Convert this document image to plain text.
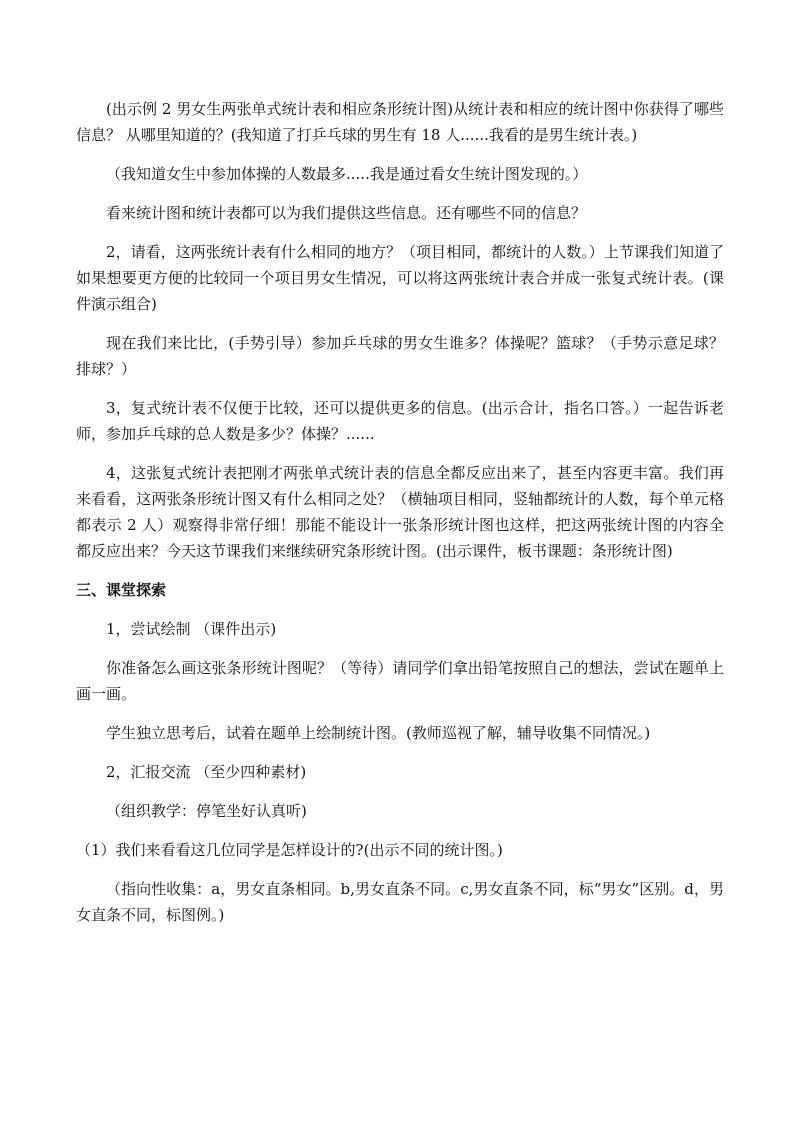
(出示例 2 男女生两张单式统计表和相应条形统计图)从统计表和相应的统计图中你获得了哪些信息？ 从哪里知道的？(我知道了打乒乓球的男生有 18 人......我看的是男生统计表。)

（我知道女生中参加体操的人数最多.....我是通过看女生统计图发现的。）

看来统计图和统计表都可以为我们提供这些信息。还有哪些不同的信息？

2，请看，这两张统计表有什么相同的地方？（项目相同，都统计的人数。）上节课我们知道了如果想要更方便的比较同一个项目男女生情况，可以将这两张统计表合并成一张复式统计表。(课件演示组合)

现在我们来比比，(手势引导）参加乒乓球的男女生谁多？体操呢？篮球？（手势示意足球？排球？）

3，复式统计表不仅便于比较，还可以提供更多的信息。(出示合计，指名口答。）一起告诉老师，参加乒乓球的总人数是多少？体操？......

4，这张复式统计表把刚才两张单式统计表的信息全都反应出来了，甚至内容更丰富。我们再来看看，这两张条形统计图又有什么相同之处？（横轴项目相同，竖轴都统计的人数，每个单元格都表示 2 人）观察得非常仔细！那能不能设计一张条形统计图也这样，把这两张统计图的内容全都反应出来？今天这节课我们来继续研究条形统计图。(出示课件，板书课题：条形统计图)

三、课堂探索

1，尝试绘制 （课件出示)

你准备怎么画这张条形统计图呢？（等待）请同学们拿出铅笔按照自己的想法，尝试在题单上画一画。

学生独立思考后，试着在题单上绘制统计图。(教师巡视了解，辅导收集不同情况。)

2，汇报交流 （至少四种素材)

（组织教学：停笔坐好认真听)

（1）我们来看看这几位同学是怎样设计的?(出示不同的统计图。)

（指向性收集：a，男女直条相同。b,男女直条不同。c,男女直条不同，标“男女”区别。d，男女直条不同，标图例。)
